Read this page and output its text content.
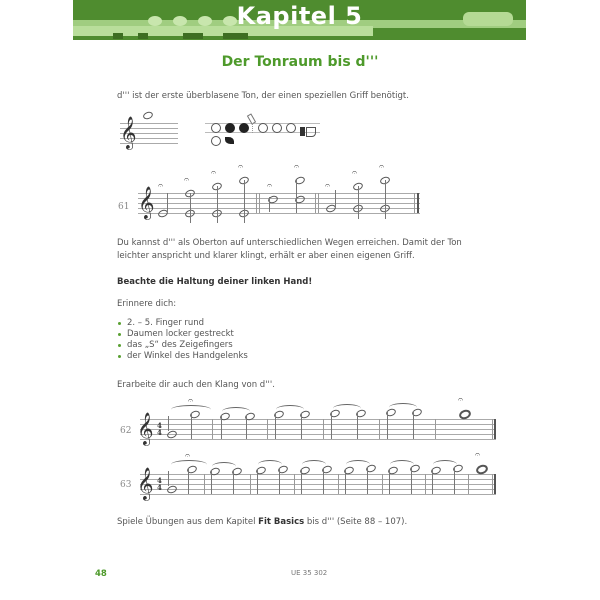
Kapitel 5
Der Tonraum bis d'''
d''' ist der erste überblasene Ton, der einen speziellen Griff benötigt.
𝄞
61 𝄞 𝄐
𝄐
𝄐
𝄐
𝄐
𝄐
𝄐
𝄐
𝄐
Du kannst d''' als Oberton auf unterschiedlichen Wegen erreichen. Damit der Ton leichter anspricht und klarer klingt, erhält er aber einen eigenen Griff.
Beachte die Haltung deiner linken Hand!
Erinnere dich:
2. – 5. Finger rund
Daumen locker gestreckt
das „S“ des Zeigefingers
der Winkel des Handgelenks
Erarbeite dir auch den Klang von d'''.
62 𝄞 4
4
𝄐	𝄐
63 𝄞 4
4
𝄐	𝄐
Spiele Übungen aus dem Kapitel Fit Basics bis d''' (Seite 88 – 107).
48	UE 35 302
